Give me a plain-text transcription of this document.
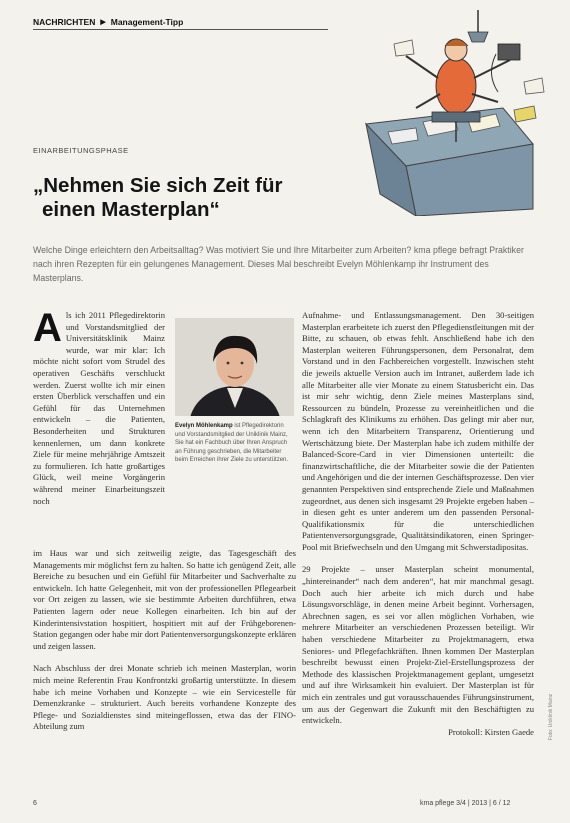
NACHRICHTEN ▶ Management-Tipp
EINARBEITUNGSPHASE
„Nehmen Sie sich Zeit für
einen Masterplan“

Welche Dinge erleichtern den Arbeitsalltag? Was motiviert Sie und Ihre Mitarbeiter zum Arbeiten? kma pflege befragt Praktiker nach ihren Rezepten für ein gelungenes Management. Dieses Mal beschreibt Evelyn Möhlenkamp ihr Instrument des Masterplans.

Als ich 2011 Pflegedirektorin und Vorstandsmitglied der Universitätsklinik Mainz wurde, war mir klar: Ich möchte nicht sofort vom Strudel des operativen Geschäfts verschluckt werden. Zuerst wollte ich mir einen ersten Überblick verschaffen und ein Gefühl für das Unternehmen entwickeln – die Patienten, Besonderheiten und Strukturen kennenlernen, um dann konkrete Ziele für meine mehrjährige Amtszeit zu formulieren. Ich hatte großartiges Glück, weil meine Vorgängerin während meiner Einarbeitungszeit noch
Evelyn Möhlenkamp ist Pflegedirektorin und Vorstandsmitglied der Uniklinik Mainz, Sie hat ein Fachbuch über Ihren Anspruch an Führung geschrieben, die Mitarbeiter beim Erreichen ihrer Ziele zu unterstützen.

im Haus war und sich zeitweilig zeigte, das Tagesgeschäft des Managements mir möglichst fern zu halten. So hatte ich genügend Zeit, alle Bereiche zu besuchen und ein Gefühl für Mitarbeiter und Sachverhalte zu entwickeln. Ich hatte Gelegenheit, mit von der professionellen Pflegearbeit vor Ort zeigen zu lassen, wie sie bestimmte Arbeiten durchführen, etwa Patienten lagern oder neue Kollegen einarbeiten. Ich bin auf der Kinderintensivstation hospitiert, hospitiert mit auf der Frühgeborenen-Station gegangen oder habe mir dort Patientenversorgungskonzepte erklären und zeigen lassen.

Nach Abschluss der drei Monate schrieb ich meinen Masterplan, worin mich meine Referentin Frau Konfrontzki großartig unterstützte. In diesem habe ich meine Vorhaben und Konzepte – wie ein Servicestelle für Demenzkranke – strukturiert. Auch bereits vorhandene Konzepte des Pflege- und Sozialdienstes sind miteingeflossen, etwa das der FINO-Abteilung zum

Aufnahme- und Entlassungsmanagement. Den 30-seitigen Masterplan erarbeitete ich zuerst den Pflegedienstleitungen mit der Bitte, zu schauen, ob etwas fehlt. Anschließend habe ich den Masterplan weiteren Führungspersonen, dem Personalrat, dem Vorstand und in den Fachbereichen vorgestellt. Inzwischen steht die jeweils aktuelle Version auch im Intranet, außerdem lade ich alle Mitarbeiter alle vier Monate zu einem Statusbericht ein. Das ist mir sehr wichtig, denn Ziele meines Masterplans sind, Ressourcen zu bündeln, Prozesse zu vereinheitlichen und die Schlagkraft des Klinikums zu erhöhen. Das gelingt mir aber nur, wenn ich den Mitarbeitern Transparenz, Orientierung und Wertschätzung biete. Der Masterplan habe ich zudem mithilfe der Balanced-Score-Card in vier Dimensionen unterteilt: die finanzwirtschaftliche, die der Mitarbeiter sowie die der Patienten und Angehörigen und die der internen Geschäftsprozesse. Den vier genannten Perspektiven sind entsprechende Ziele und Maßnahmen zugeordnet, aus denen sich insgesamt 29 Projekte ergeben haben – in diesen geht es unter anderem um den passenden Personal-Qualifikationsmix für die unterschiedlichen Patientenversorgungsgrade, Qualitätsindikatoren, einen Springer-Pool mit Briefwechseln und den Umgang mit Schwerstadipositas.

29 Projekte – unser Masterplan scheint monumental, „hintereinander“ nach dem anderen“, hat mir manchmal gesagt. Doch auch hier arbeite ich mich durch und habe Lösungsvorschläge, in denen meine Arbeit beginnt. Vorhersagen, Abrechnen sagen, es sei vor allen möglichen Vorhaben, wie mehrere Mitarbeiter an verschiedenen Prozessen beteiligt. Wir haben verschiedene Mitarbeiter zu Projektmanagern, etwa Seniores- und Pflegefachkräften. Ihnen kommen Der Masterplan beschreibt bewusst einen Projekt-Ziel-Erstellungsprozess der Methode des klassischen Projektmanagement geplant, umgesetzt und auf ihre Wirksamkeit hin evaluiert. Der Masterplan ist für mich ein zentrales und gut vorausschauendes Führungsinstrument, um aus der Gegenwart die Zukunft mit den Beschäftigten zu entwickeln.

Protokoll: Kirsten Gaede

6	kma pflege 3/4 | 2013 | 6 / 12
Foto: Uniklinik Mainz
